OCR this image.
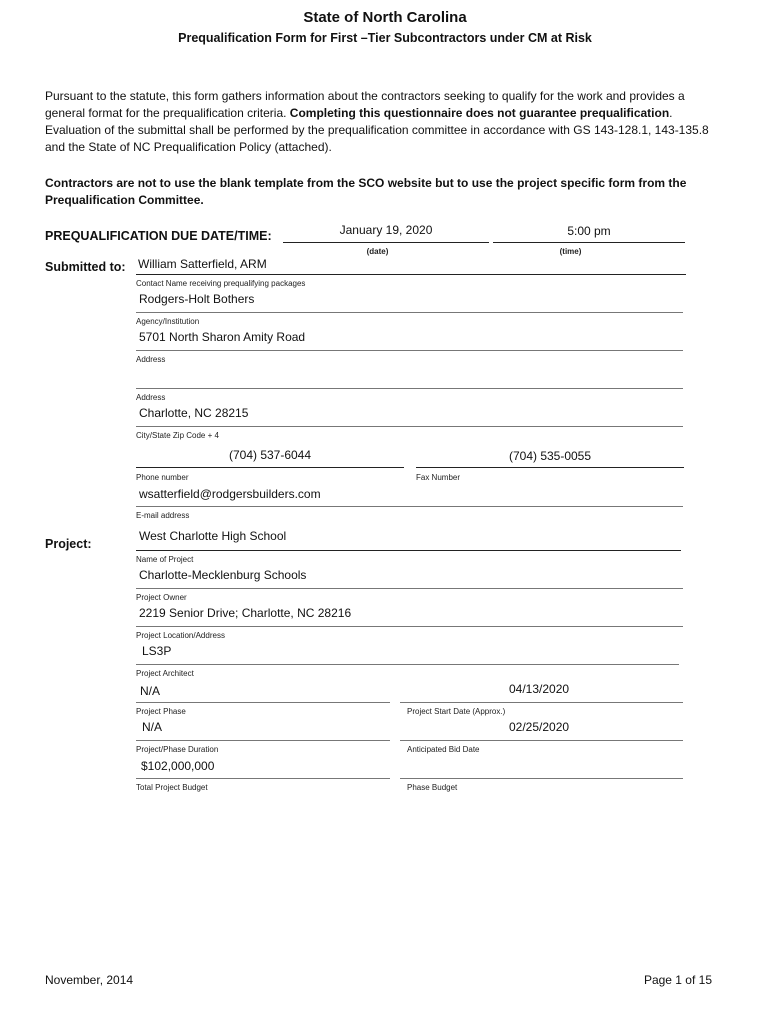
State of North Carolina
Prequalification Form for First –Tier Subcontractors under CM at Risk
Pursuant to the statute, this form gathers information about the contractors seeking to qualify for the work and provides a general format for the prequalification criteria. Completing this questionnaire does not guarantee prequalification. Evaluation of the submittal shall be performed by the prequalification committee in accordance with GS 143-128.1, 143-135.8 and the State of NC Prequalification Policy (attached).
Contractors are not to use the blank template from the SCO website but to use the project specific form from the Prequalification Committee.
PREQUALIFICATION DUE DATE/TIME:	January 19, 2020	5:00 pm
(date)	(time)
Submitted to: William Satterfield, ARM
Contact Name receiving prequalifying packages
Rodgers-Holt Bothers
Agency/Institution
5701 North Sharon Amity Road
Address
Address
Charlotte, NC 28215
City/State Zip Code + 4
(704) 537-6044
Phone number
(704) 535-0055
Fax Number
wsatterfield@rodgersbuilders.com
E-mail address
Project:
West Charlotte High School
Name of Project
Charlotte-Mecklenburg Schools
Project Owner
2219 Senior Drive; Charlotte, NC 28216
Project Location/Address
LS3P
Project Architect
N/A
Project Phase
04/13/2020
Project Start Date (Approx.)
N/A
Project/Phase Duration
02/25/2020
Anticipated Bid Date
$102,000,000
Total Project Budget	Phase Budget
November, 2014	Page 1 of 15
